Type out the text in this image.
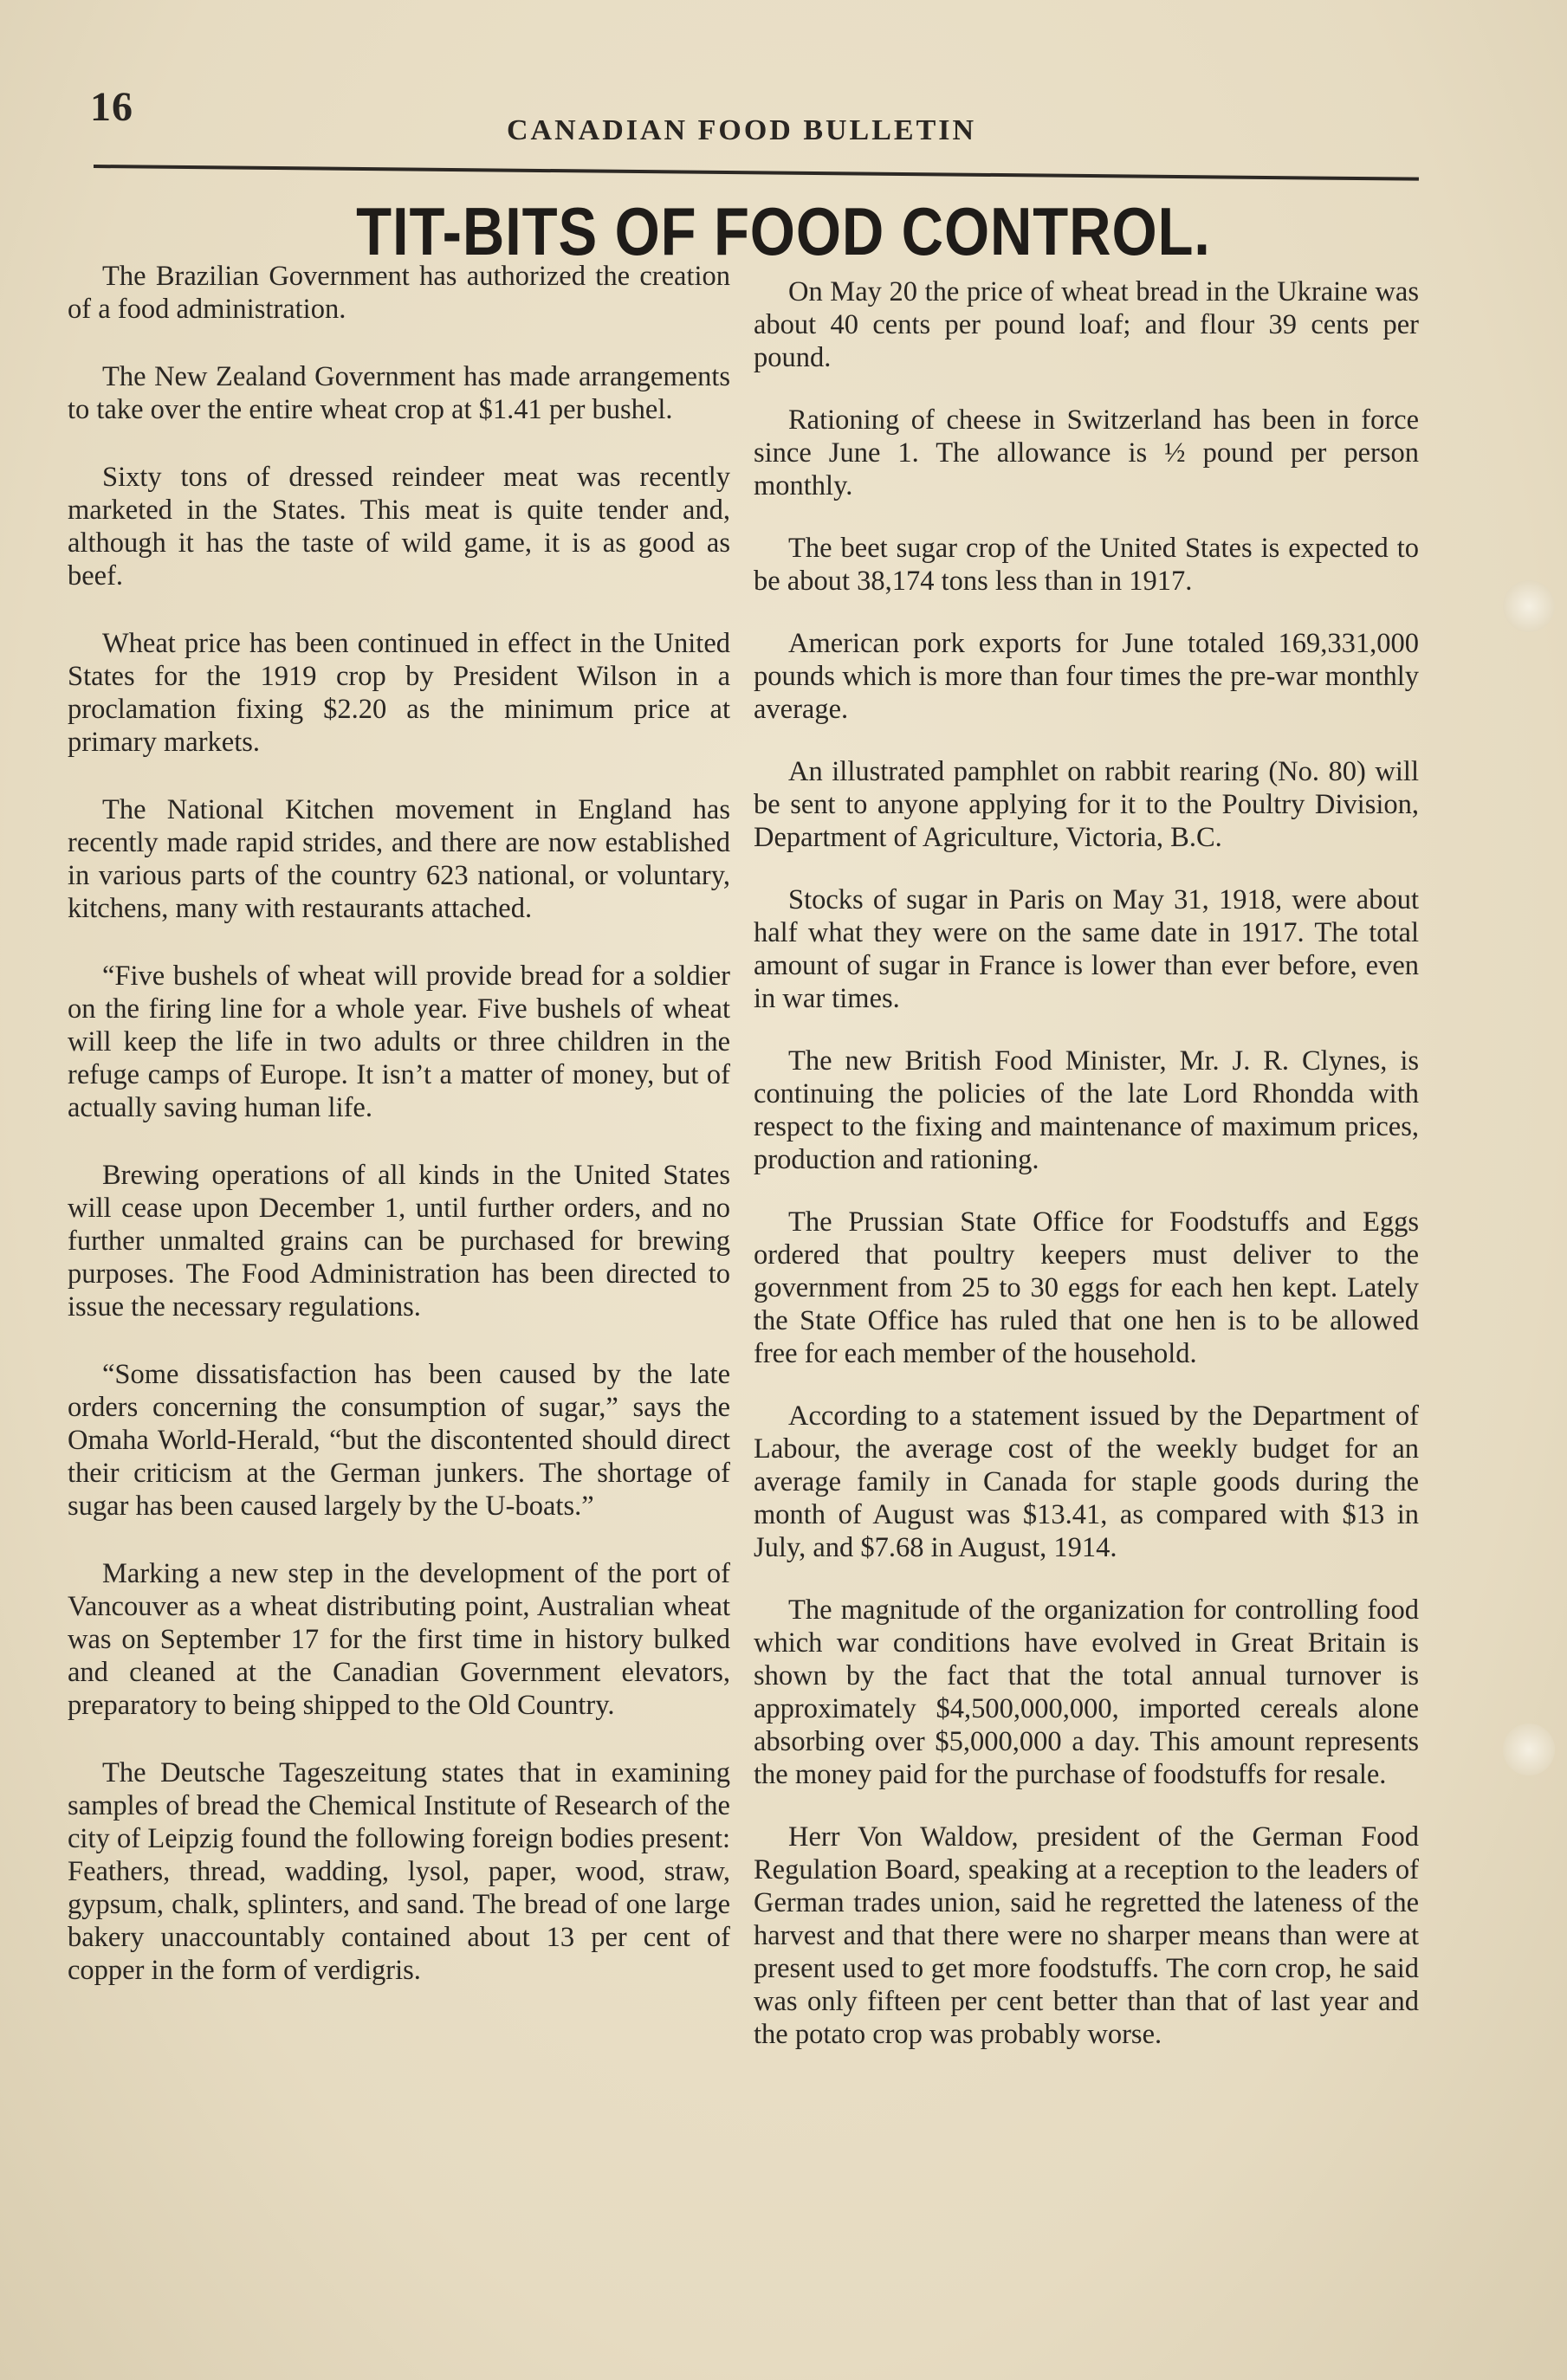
16
CANADIAN FOOD BULLETIN
TIT-BITS OF FOOD CONTROL.

The Brazilian Government has authorized the creation of a food administration.

The New Zealand Government has made arrangements to take over the entire wheat crop at $1.41 per bushel.

Sixty tons of dressed reindeer meat was recently marketed in the States. This meat is quite tender and, although it has the taste of wild game, it is as good as beef.

Wheat price has been continued in effect in the United States for the 1919 crop by President Wilson in a proclamation fixing $2.20 as the minimum price at primary markets.

The National Kitchen movement in England has recently made rapid strides, and there are now established in various parts of the country 623 national, or voluntary, kitchens, many with restaurants attached.

“Five bushels of wheat will provide bread for a soldier on the firing line for a whole year. Five bushels of wheat will keep the life in two adults or three children in the refuge camps of Europe. It isn’t a matter of money, but of actually saving human life.

Brewing operations of all kinds in the United States will cease upon December 1, until further orders, and no further unmalted grains can be purchased for brewing purposes. The Food Administration has been directed to issue the necessary regulations.

“Some dissatisfaction has been caused by the late orders concerning the consumption of sugar,” says the Omaha World-Herald, “but the discontented should direct their criticism at the German junkers. The shortage of sugar has been caused largely by the U-boats.”

Marking a new step in the development of the port of Vancouver as a wheat distributing point, Australian wheat was on September 17 for the first time in history bulked and cleaned at the Canadian Government elevators, preparatory to being shipped to the Old Country.

The Deutsche Tageszeitung states that in examining samples of bread the Chemical Institute of Research of the city of Leipzig found the following foreign bodies present: Feathers, thread, wadding, lysol, paper, wood, straw, gypsum, chalk, splinters, and sand. The bread of one large bakery unaccountably contained about 13 per cent of copper in the form of verdigris.

On May 20 the price of wheat bread in the Ukraine was about 40 cents per pound loaf; and flour 39 cents per pound.

Rationing of cheese in Switzerland has been in force since June 1. The allowance is ½ pound per person monthly.

The beet sugar crop of the United States is expected to be about 38,174 tons less than in 1917.

American pork exports for June totaled 169,331,000 pounds which is more than four times the pre-war monthly average.

An illustrated pamphlet on rabbit rearing (No. 80) will be sent to anyone applying for it to the Poultry Division, Department of Agriculture, Victoria, B.C.

Stocks of sugar in Paris on May 31, 1918, were about half what they were on the same date in 1917. The total amount of sugar in France is lower than ever before, even in war times.

The new British Food Minister, Mr. J. R. Clynes, is continuing the policies of the late Lord Rhondda with respect to the fixing and maintenance of maximum prices, production and rationing.

The Prussian State Office for Foodstuffs and Eggs ordered that poultry keepers must deliver to the government from 25 to 30 eggs for each hen kept. Lately the State Office has ruled that one hen is to be allowed free for each member of the household.

According to a statement issued by the Department of Labour, the average cost of the weekly budget for an average family in Canada for staple goods during the month of August was $13.41, as compared with $13 in July, and $7.68 in August, 1914.

The magnitude of the organization for controlling food which war conditions have evolved in Great Britain is shown by the fact that the total annual turnover is approximately $4,500,000,000, imported cereals alone absorbing over $5,000,000 a day. This amount represents the money paid for the purchase of foodstuffs for resale.

Herr Von Waldow, president of the German Food Regulation Board, speaking at a reception to the leaders of German trades union, said he regretted the lateness of the harvest and that there were no sharper means than were at present used to get more foodstuffs. The corn crop, he said was only fifteen per cent better than that of last year and the potato crop was probably worse.
